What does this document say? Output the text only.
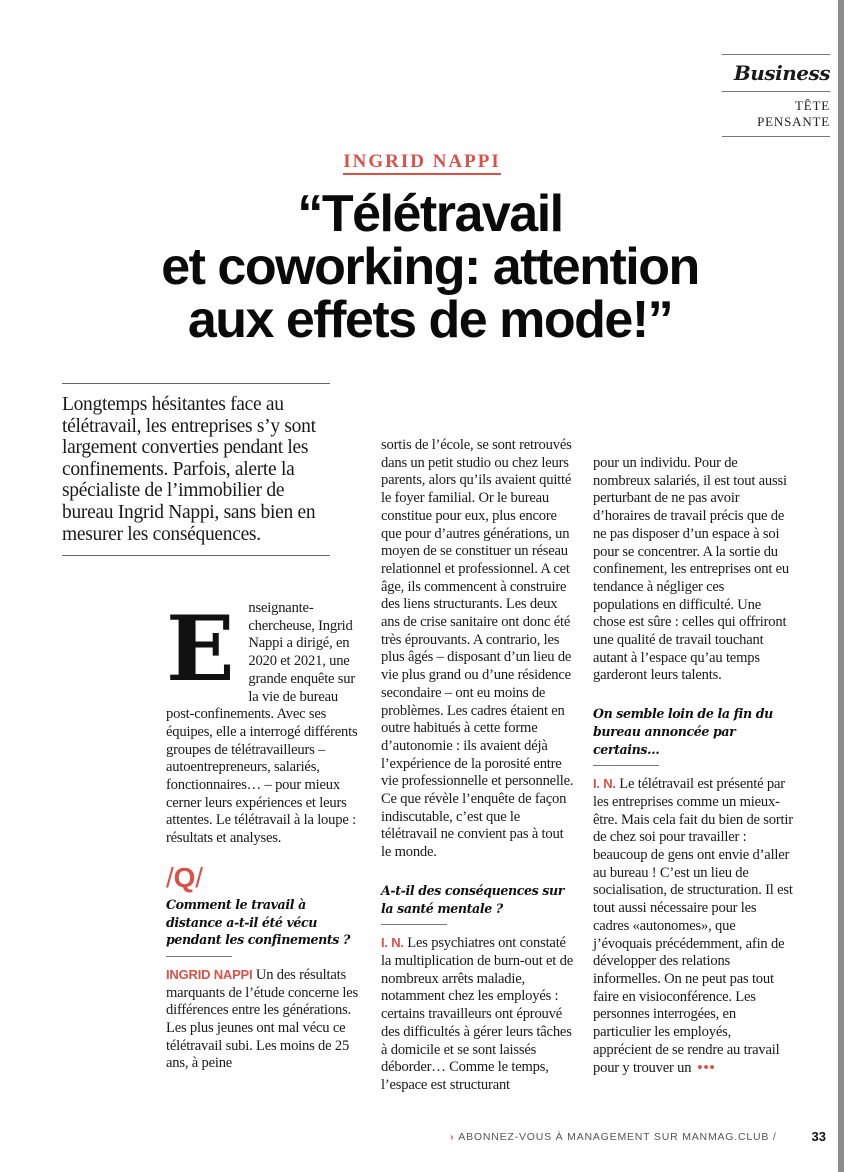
Business
TÊTE
PENSANTE
INGRID NAPPI
“Télétravail
et coworking: attention
aux effets de mode!”

Longtemps hésitantes face au télétravail, les entreprises s’y sont largement converties pendant les confinements. Parfois, alerte la spécialiste de l’immobilier de bureau Ingrid Nappi, sans bien en mesurer les conséquences.

Enseignante-chercheuse, Ingrid Nappi a dirigé, en 2020 et 2021, une grande enquête sur la vie de bureau post-confinements. Avec ses équipes, elle a interrogé différents groupes de télétravailleurs – autoentrepreneurs, salariés, fonctionnaires… – pour mieux cerner leurs expériences et leurs attentes. Le télétravail à la loupe : résultats et analyses.

/Q/
Comment le travail à distance a-t-il été vécu pendant les confinements ?

INGRID NAPPI Un des résultats marquants de l’étude concerne les différences entre les générations. Les plus jeunes ont mal vécu ce télétravail subi. Les moins de 25 ans, à peine

sortis de l’école, se sont retrouvés dans un petit studio ou chez leurs parents, alors qu’ils avaient quitté le foyer familial. Or le bureau constitue pour eux, plus encore que pour d’autres générations, un moyen de se constituer un réseau relationnel et professionnel. A cet âge, ils commencent à construire des liens structurants. Les deux ans de crise sanitaire ont donc été très éprouvants. A contrario, les plus âgés – disposant d’un lieu de vie plus grand ou d’une résidence secondaire – ont eu moins de problèmes. Les cadres étaient en outre habitués à cette forme d’autonomie : ils avaient déjà l’expérience de la porosité entre vie professionnelle et personnelle. Ce que révèle l’enquête de façon indiscutable, c’est que le télétravail ne convient pas à tout le monde.

A-t-il des conséquences sur la santé mentale ?

I. N. Les psychiatres ont constaté la multiplication de burn-out et de nombreux arrêts maladie, notamment chez les employés : certains travailleurs ont éprouvé des difficultés à gérer leurs tâches à domicile et se sont laissés déborder… Comme le temps, l’espace est structurant

pour un individu. Pour de nombreux salariés, il est tout aussi perturbant de ne pas avoir d’horaires de travail précis que de ne pas disposer d’un espace à soi pour se concentrer. A la sortie du confinement, les entreprises ont eu tendance à négliger ces populations en difficulté. Une chose est sûre : celles qui offriront une qualité de travail touchant autant à l’espace qu’au temps garderont leurs talents.

On semble loin de la fin du bureau annoncée par certains…

I. N. Le télétravail est présenté par les entreprises comme un mieux-être. Mais cela fait du bien de sortir de chez soi pour travailler : beaucoup de gens ont envie d’aller au bureau ! C’est un lieu de socialisation, de structuration. Il est tout aussi nécessaire pour les cadres «autonomes», que j’évoquais précédemment, afin de développer des relations informelles. On ne peut pas tout faire en visioconférence. Les personnes interrogées, en particulier les employés, apprécient de se rendre au travail pour y trouver un •••

› ABONNEZ-VOUS À MANAGEMENT SUR MANMAG.CLUB /	33
